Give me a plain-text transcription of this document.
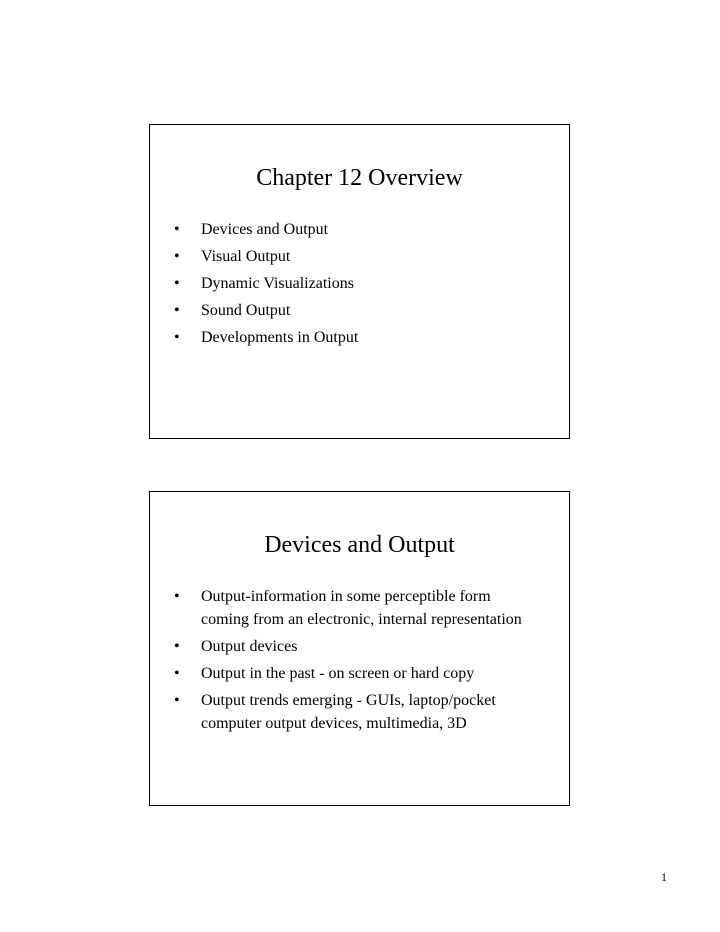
Chapter 12 Overview
• Devices and Output
• Visual Output
• Dynamic Visualizations
• Sound Output
• Developments in Output
Devices and Output
• Output-information in some perceptible form coming from an electronic, internal representation
• Output devices
• Output in the past - on screen or hard copy
• Output trends emerging - GUIs, laptop/pocket computer output devices, multimedia, 3D
1
